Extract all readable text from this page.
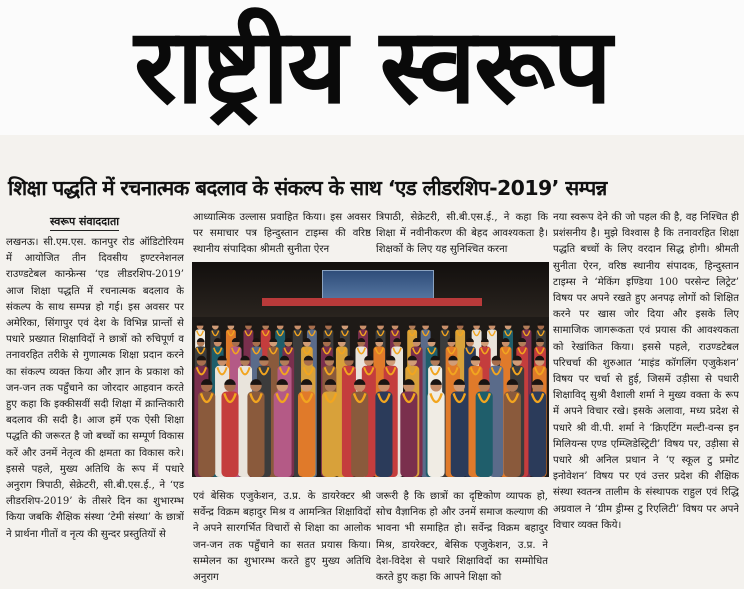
राष्ट्रीय स्वरूप
शिक्षा पद्धति में रचनात्मक बदलाव के संकल्प के साथ ‘एड लीडरशिप-2019’ सम्पन्न
स्वरूप संवाददाता
लखनऊ। सी.एम.एस. कानपुर रोड ऑडिटोरियम में आयोजित तीन दिवसीय इण्टरनेशनल राउण्डटेबल कान्फ्रेन्स ‘एड लीडरशिप-2019’ आज शिक्षा पद्धति में रचनात्मक बदलाव के संकल्प के साथ सम्पन्न हो गई। इस अवसर पर अमेरिका, सिंगापुर एवं देश के विभिन्न प्रान्तों से पधारे प्रख्यात शिक्षाविदों ने छात्रों को रुचिपूर्ण व तनावरहित तरीके से गुणात्मक शिक्षा प्रदान करने का संकल्प व्यक्त किया और ज्ञान के प्रकाश को जन-जन तक पहुँचाने का जोरदार आहवान करते हुए कहा कि इक्कीसवीं सदी शिक्षा में क्रान्तिकारी बदलाव की सदी है। आज हमें एक ऐसी शिक्षा पद्धति की जरूरत है जो बच्चों का सम्पूर्ण विकास करें और उनमें नेतृत्व की क्षमता का विकास करे। इससे पहले, मुख्य अतिथि के रूप में पधारे अनुराग त्रिपाठी, सेक्रेटरी, सी.बी.एस.ई., ने ‘एड लीडरशिप-2019’ के तीसरे दिन का शुभारम्भ किया जबकि शैक्षिक संस्था ‘टेमी संस्था’ के छात्रों ने प्रार्थना गीतों व नृत्य की सुन्दर प्रस्तुतियों से
आध्यात्मिक उल्लास प्रवाहित किया। इस अवसर पर समाचार पत्र हिन्दुस्तान टाइम्स की वरिष्ठ स्थानीय संपादिका श्रीमती सुनीता ऐरन
त्रिपाठी, सेक्रेटरी, सी.बी.एस.ई., ने कहा कि शिक्षा में नवीनीकरण की बेहद आवश्यकता है। शिक्षकों के लिए यह सुनिश्चित करना
नया स्वरूप देने की जो पहल की है, वह निश्चित ही प्रशंसनीय है। मुझे विश्वास है कि तनावरहित शिक्षा पद्धति बच्चों के लिए वरदान सिद्ध होगी। श्रीमती सुनीता ऐरन, वरिष्ठ स्थानीय संपादक, हिन्दुस्तान टाइम्स ने ‘मेकिंग इण्डिया 100 परसेन्ट लिट्रेट’ विषय पर अपने रखते हुए अनपढ़ लोगों को शिक्षित करने पर खास जोर दिया और इसके लिए सामाजिक जागरूकता एवं प्रयास की आवश्यकता को रेखांकित किया। इससे पहले, राउण्डटेबल परिचर्चा की शुरुआत ‘माइंड कॉगलिंग एजुकेशन’ विषय पर चर्चा से हुई, जिसमें उड़ीसा से पधारी शिक्षाविद् सुश्री वैशाली शर्मा ने मुख्य वक्ता के रूप में अपने विचार रखे। इसके अलावा, मध्य प्रदेश से पधारे श्री वी.पी. शर्मा ने ‘क्रिएटिंग मल्टी-वन्स इन मिलियन्स एण्ड एम्प्लिडेस्ट्रिटी’ विषय पर, उड़ीसा से पधारे श्री अनिल प्रधान ने ‘ए स्कूल टु प्रमोट इनोवेशन’ विषय पर एवं उत्तर प्रदेश की शैक्षिक संस्था स्वतन्त्र तालीम के संस्थापक राहुल एवं रिद्धि अग्रवाल ने ‘ग्रीम ड्रीम्स टु रिएलिटी’ विषय पर अपने विचार व्यक्त किये।
एवं बेसिक एजुकेशन, उ.प्र. के डायरेक्टर श्री सर्वेन्द्र विक्रम बहादुर मिश्र व आमन्त्रित शिक्षाविदों ने अपने सारगर्भित विचारों से शिक्षा का आलोक जन-जन तक पहुँचाने का सतत प्रयास किया। सम्मेलन का शुभारम्भ करते हुए मुख्य अतिथि अनुराग
जरूरी है कि छात्रों का दृष्टिकोण व्यापक हो, सोच वैज्ञानिक हो और उनमें समाज कल्याण की भावना भी समाहित हो। सर्वेन्द्र विक्रम बहादुर मिश्र, डायरेक्टर, बेसिक एजुकेशन, उ.प्र. ने देश-विदेश से पधारे शिक्षाविदों का सम्मोधित करते हुए कहा कि आपने शिक्षा को
